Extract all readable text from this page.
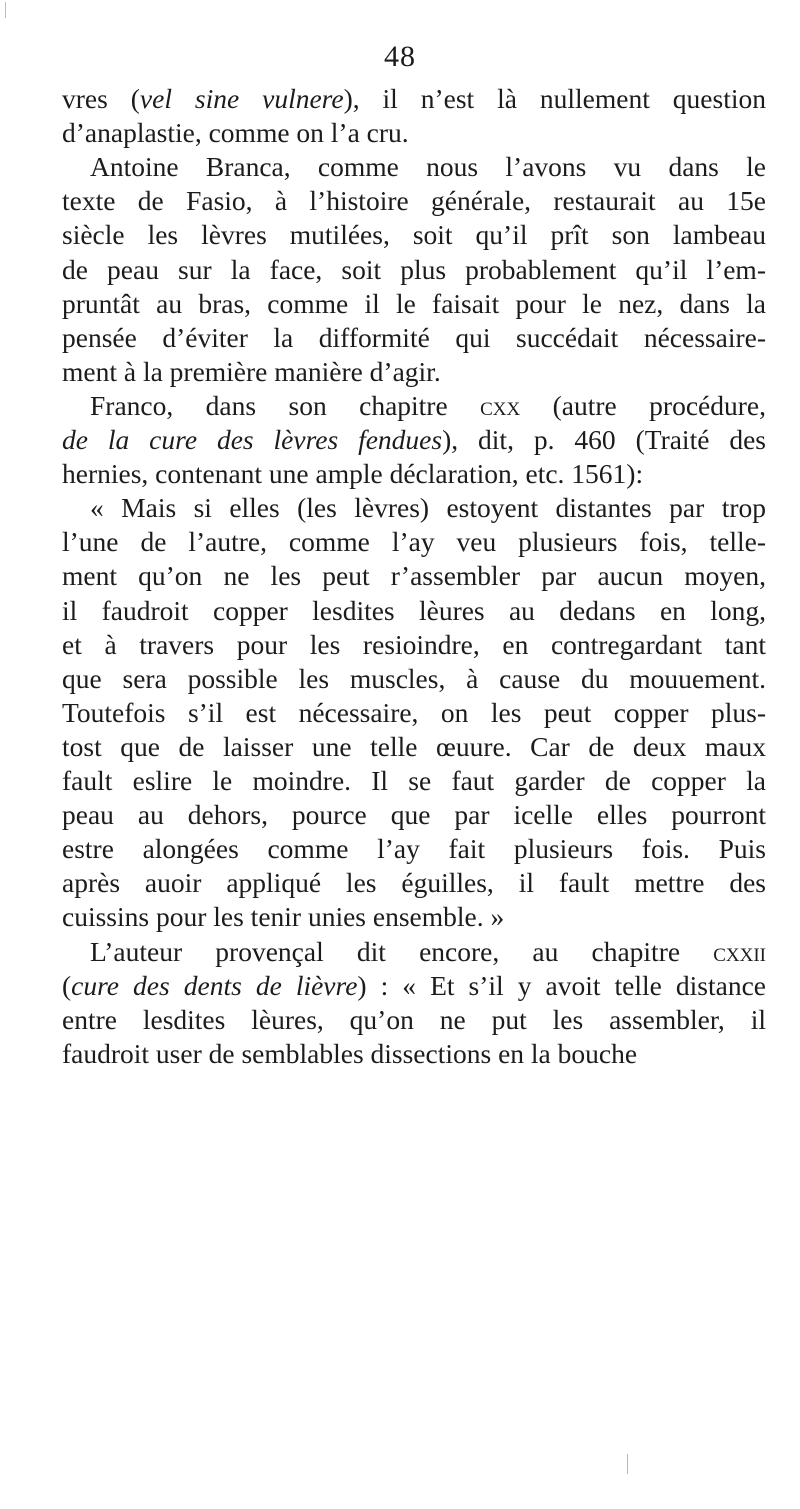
48
vres (vel sine vulnere), il n’est là nullement question
d’anaplastie, comme on l’a cru.
Antoine Branca, comme nous l’avons vu dans le
texte de Fasio, à l’histoire générale, restaurait au 15e
siècle les lèvres mutilées, soit qu’il prît son lambeau
de peau sur la face, soit plus probablement qu’il l’em-
pruntât au bras, comme il le faisait pour le nez, dans la
pensée d’éviter la difformité qui succédait nécessaire-
ment à la première manière d’agir.
Franco, dans son chapitre cxx (autre procédure,
de la cure des lèvres fendues), dit, p. 460 (Traité des
hernies, contenant une ample déclaration, etc. 1561):
« Mais si elles (les lèvres) estoyent distantes par trop
l’une de l’autre, comme l’ay veu plusieurs fois, telle-
ment qu’on ne les peut r’assembler par aucun moyen,
il faudroit copper lesdites lèures au dedans en long,
et à travers pour les resioindre, en contregardant tant
que sera possible les muscles, à cause du mouuement.
Toutefois s’il est nécessaire, on les peut copper plus-
tost que de laisser une telle œuure. Car de deux maux
fault eslire le moindre. Il se faut garder de copper la
peau au dehors, pource que par icelle elles pourront
estre alongées comme l’ay fait plusieurs fois. Puis
après auoir appliqué les éguilles, il fault mettre des
cuissins pour les tenir unies ensemble. »
L’auteur provençal dit encore, au chapitre cxxii
(cure des dents de lièvre) : « Et s’il y avoit telle distance
entre lesdites lèures, qu’on ne put les assembler, il
faudroit user de semblables dissections en la bouche
